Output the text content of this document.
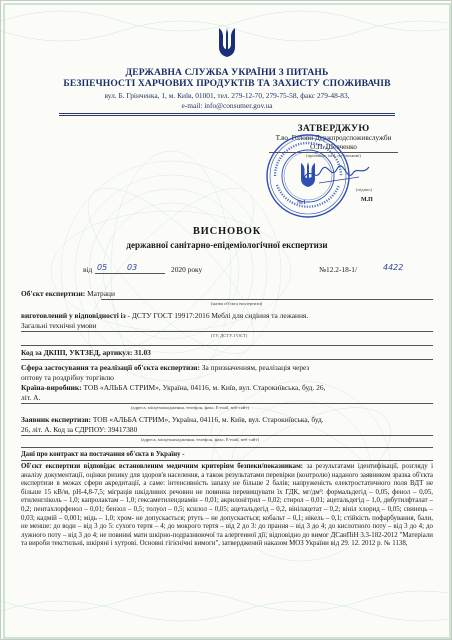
ДЕРЖАВНА СЛУЖБА УКРАЇНИ З ПИТАНЬ
БЕЗПЕЧНОСТІ ХАРЧОВИХ ПРОДУКТІВ ТА ЗАХИСТУ СПОЖИВАЧІВ
вул. Б. Грінченка, 1, м. Київ, 01001, тел. 279-12-70, 279-75-58, факс 279-48-83,
e-mail: info@consumer.gov.ua
ЗАТВЕРДЖУЮ
Т.во. Голови Держпродспоживслужби
О.П. Шевченко
(прізвище, ім'я, по батькові)
№1
(підпис)
М.П
ВИСНОВОК
державної санітарно-епідеміологічної експертизи
від 05 03	2020 року	№12.2-18-1/	4422
Об'єкт експертизи: Матраци
(назва об'єкта експертизи)
виготовлений у відповідності із - ДСТУ ГОСТ 19917:2016 Меблі для сидіння та лежання.
Загальні технічні умови
(ТУ, ДСТУ, ГОСТ)
Код за ДКПП, УКТЗЕД, артикул: 31.03
Сфера застосування та реалізації об'єкта експертизи: За призначенням, реалізація через
оптову та роздрібну торгівлю
Країна-виробник: ТОВ «АЛЬБА СТРИМ», Україна, 04116, м. Київ, вул. Старокиївська, буд. 26,
літ. А.
(адреса, місцезнаходження, телефон, факс, E-mail, веб-сайт)
Заявник експертизи: ТОВ «АЛЬБА СТРИМ», Україна, 04116, м. Київ, вул. Старокиївська, буд.
26, літ. А. Код за СДРПОУ: 39417380
(адреса, місцезнаходження, телефон, факс, E-mail, веб-сайт)
Дані про контракт на постачання об'єкта в Україну -

Об'єкт експертизи відповідає встановленим медичним критеріям безпеки/показникам: за результатами ідентифікації, розгляду і аналізу документації, оцінки ризику для здоров'я населення, а також результатами перевірки (контролю) наданого заявником зразка об'єкта експертизи в межах сфери акредитації, а саме: інтенсивність запаху не більше 2 балів; напруженість електростатичного поля ВДТ не більше 15 кВ/м, pH-4,8-7,5; міграція шкідливих речовин не повинна перевищувати їх ГДК, мг/дм³: формальдегід – 0,05, фенол – 0,05, етиленгліколь – 1,0; капролактам – 1,0; гексаметилендиамін – 0,01; акрилонітрил – 0,02; стирол – 0,01; ацетальдегід – 1,0, дибутилфталат – 0,2; пентахлорфенол – 0,01; бензол – 0,5; толуол – 0,5; ксилол – 0,05; ацетальдегід – 0,2, вінілацетат – 0,2; вініл хлорид – 0,05; свинець – 0,03; кадмій – 0,001; мідь – 1,0; хром- не допускається; ртуть – не допускається; кобальт – 0,1; нікель – 0,1; стійкість пофарбування, бали, не менше: до води – від 3 до 5: сухого тертя – 4; до мокрого тертя – від 2 до 3: до прання – від 3 до 4; до кислотного поту – від 3 до 4; до лужного поту – від 3 до 4; не повинні мати шкірно-подразнюючої та алергенної дії; відповідно до вимог ДСанПіН 3.3-182-2012 "Матеріали та вироби текстильні, шкіряні і хутрові. Основні гігієнічні вимоги", затверджений наказом МОЗ України від 29. 12. 2012 р. № 1138,
